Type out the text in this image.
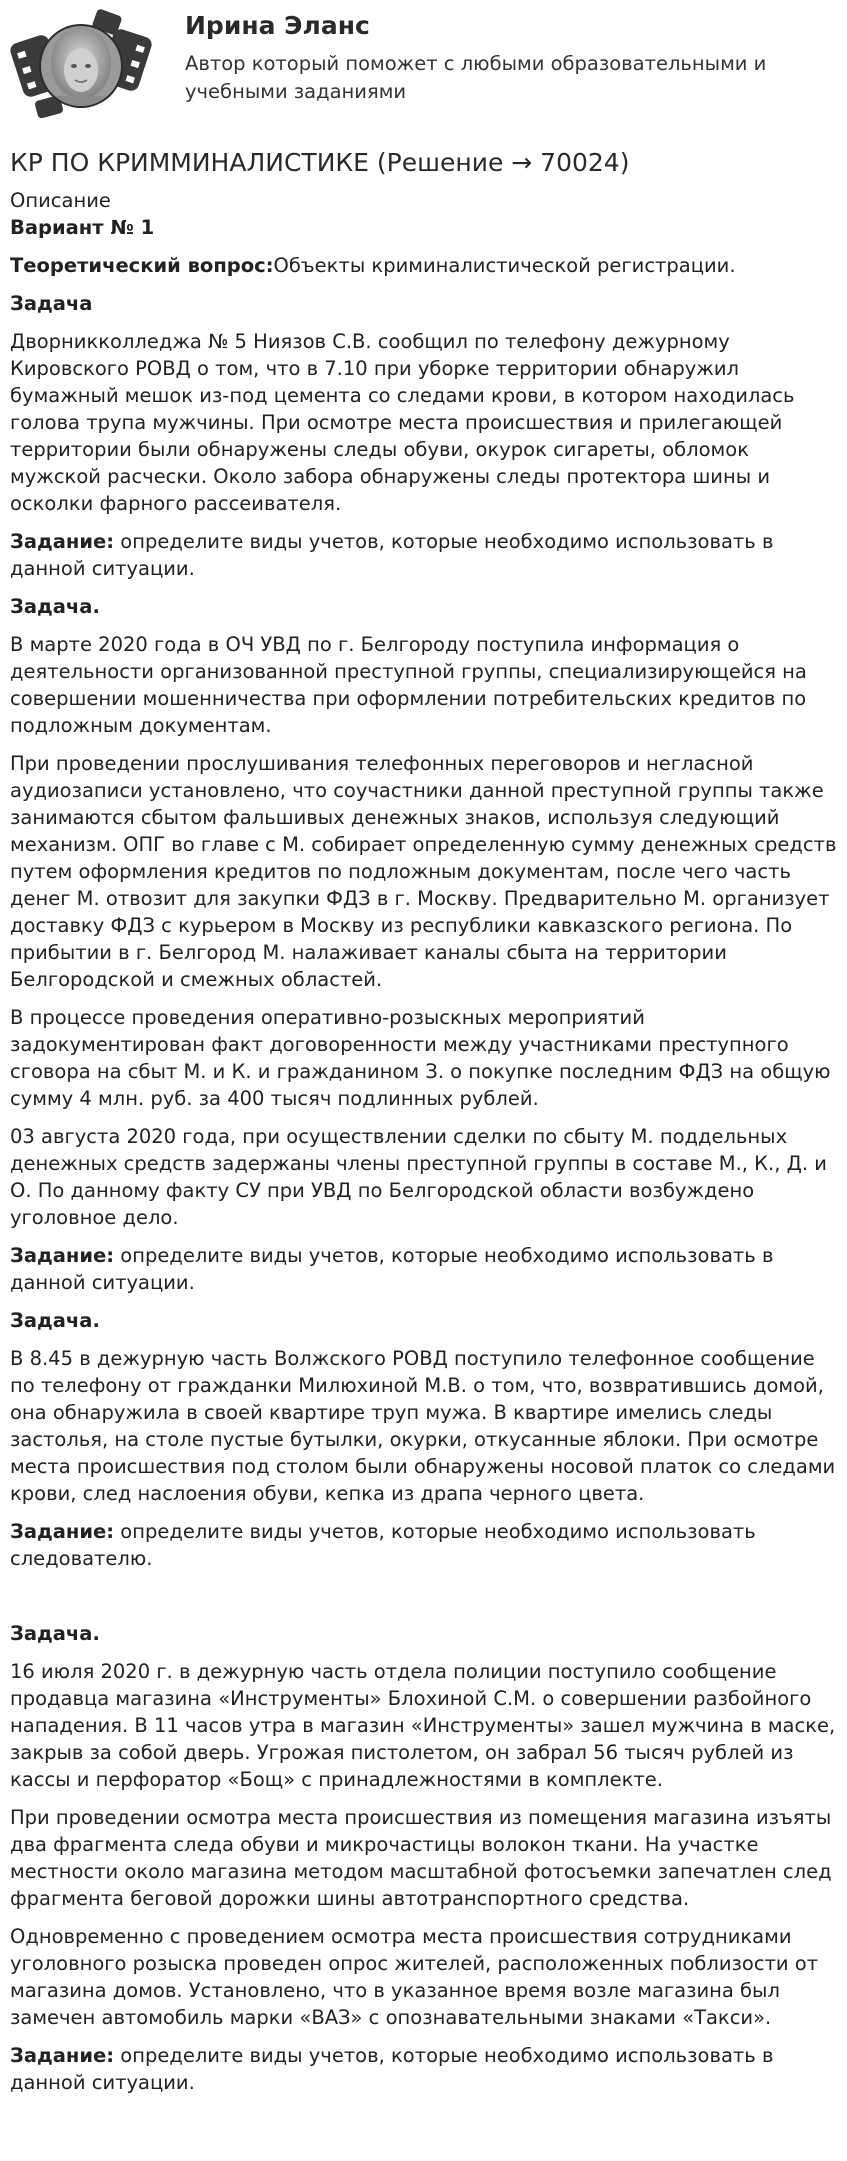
Ирина Эланс
Автор который поможет с любыми образовательными и учебными заданиями
КР ПО КРИММИНАЛИСТИКЕ (Решение → 70024)
Описание

Вариант № 1

Теоретический вопрос:Объекты криминалистической регистрации.

Задача

Дворникколледжа № 5 Ниязов С.В. сообщил по телефону дежурному Кировского РОВД о том, что в 7.10 при уборке территории обнаружил бумажный мешок из-под цемента со следами крови, в котором находилась голова трупа мужчины. При осмотре места происшествия и прилегающей территории были обнаружены следы обуви, окурок сигареты, обломок мужской расчески. Около забора обнаружены следы протектора шины и осколки фарного рассеивателя.

Задание: определите виды учетов, которые необходимо использовать в данной ситуации.

Задача.

В марте 2020 года в ОЧ УВД по г. Белгороду поступила информация о деятельности организованной преступной группы, специализирующейся на совершении мошенничества при оформлении потребительских кредитов по подложным документам.

При проведении прослушивания телефонных переговоров и негласной аудиозаписи установлено, что соучастники данной преступной группы также занимаются сбытом фальшивых денежных знаков, используя следующий механизм. ОПГ во главе с М. собирает определенную сумму денежных средств путем оформления кредитов по подложным документам, после чего часть денег М. отвозит для закупки ФДЗ в г. Москву. Предварительно М. организует доставку ФДЗ с курьером в Москву из республики кавказского региона. По прибытии в г. Белгород М. налаживает каналы сбыта на территории Белгородской и смежных областей.

В процессе проведения оперативно-розыскных мероприятий задокументирован факт договоренности между участниками преступного сговора на сбыт М. и К. и гражданином З. о покупке последним ФДЗ на общую сумму 4 млн. руб. за 400 тысяч подлинных рублей.

03 августа 2020 года, при осуществлении сделки по сбыту М. поддельных денежных средств задержаны члены преступной группы в составе М., К., Д. и О. По данному факту СУ при УВД по Белгородской области возбуждено уголовное дело.

Задание: определите виды учетов, которые необходимо использовать в данной ситуации.

Задача.

В 8.45 в дежурную часть Волжского РОВД поступило телефонное сообщение по телефону от гражданки Милюхиной М.В. о том, что, возвратившись домой, она обнаружила в своей квартире труп мужа. В квартире имелись следы застолья, на столе пустые бутылки, окурки, откусанные яблоки. При осмотре места происшествия под столом были обнаружены носовой платок со следами крови, след наслоения обуви, кепка из драпа черного цвета.

Задание: определите виды учетов, которые необходимо использовать следователю.

Задача.

16 июля 2020 г. в дежурную часть отдела полиции поступило сообщение продавца магазина «Инструменты» Блохиной С.М. о совершении разбойного нападения. В 11 часов утра в магазин «Инструменты» зашел мужчина в маске, закрыв за собой дверь. Угрожая пистолетом, он забрал 56 тысяч рублей из кассы и перфоратор «Бощ» с принадлежностями в комплекте.

При проведении осмотра места происшествия из помещения магазина изъяты два фрагмента следа обуви и микрочастицы волокон ткани. На участке местности около магазина методом масштабной фотосъемки запечатлен след фрагмента беговой дорожки шины автотранспортного средства.

Одновременно с проведением осмотра места происшествия сотрудниками уголовного розыска проведен опрос жителей, расположенных поблизости от магазина домов. Установлено, что в указанное время возле магазина был замечен автомобиль марки «ВАЗ» с опознавательными знаками «Такси».

Задание: определите виды учетов, которые необходимо использовать в данной ситуации.
